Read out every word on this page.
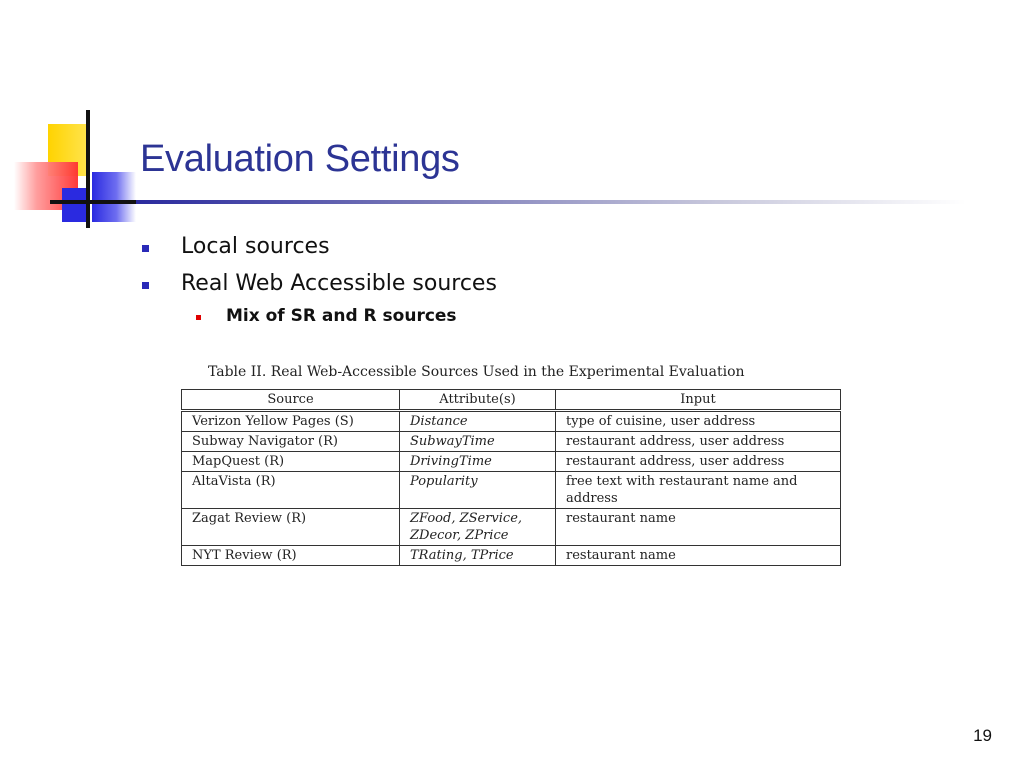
Evaluation Settings
Local sources
Real Web Accessible sources
Mix of SR and R sources
Table II. Real Web-Accessible Sources Used in the Experimental Evaluation
Source	Attribute(s)	Input
Verizon Yellow Pages (S)	Distance	type of cuisine, user address
Subway Navigator (R)	SubwayTime	restaurant address, user address
MapQuest (R)	DrivingTime	restaurant address, user address
AltaVista (R)	Popularity	free text with restaurant name and address
Zagat Review (R)	ZFood, ZService, ZDecor, ZPrice	restaurant name
NYT Review (R)	TRating, TPrice	restaurant name
19
